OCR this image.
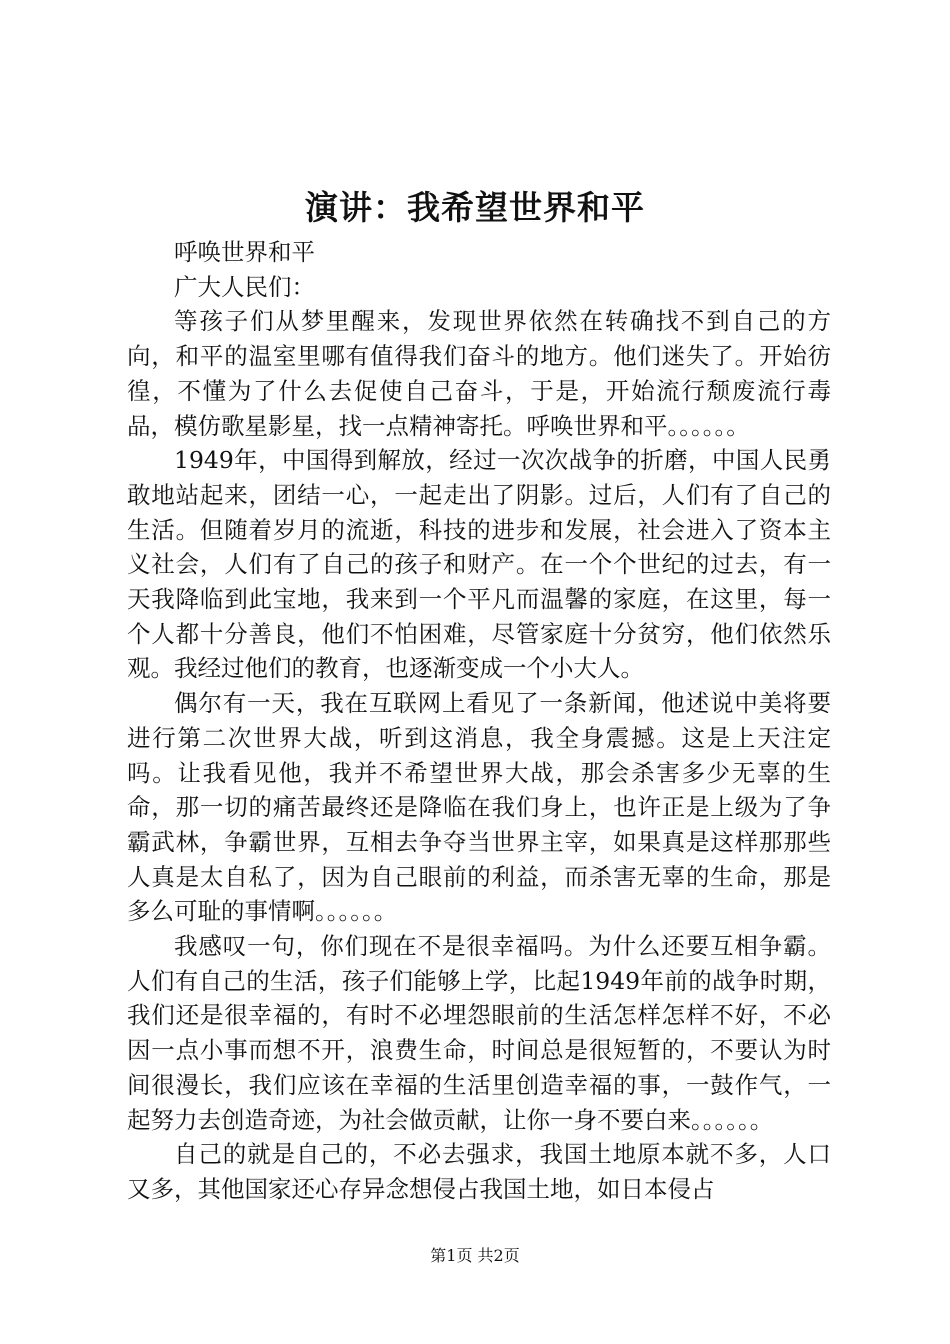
演讲：我希望世界和平

呼唤世界和平

广大人民们：

等孩子们从梦里醒来，发现世界依然在转确找不到自己的方向，和平的温室里哪有值得我们奋斗的地方。他们迷失了。开始彷徨，不懂为了什么去促使自己奋斗，于是，开始流行颓废流行毒品，模仿歌星影星，找一点精神寄托。呼唤世界和平。。。。。。

1949年，中国得到解放，经过一次次战争的折磨，中国人民勇敢地站起来，团结一心，一起走出了阴影。过后，人们有了自己的生活。但随着岁月的流逝，科技的进步和发展，社会进入了资本主义社会，人们有了自己的孩子和财产。在一个个世纪的过去，有一天我降临到此宝地，我来到一个平凡而温馨的家庭，在这里，每一个人都十分善良，他们不怕困难，尽管家庭十分贫穷，他们依然乐观。我经过他们的教育，也逐渐变成一个小大人。

偶尔有一天，我在互联网上看见了一条新闻，他述说中美将要进行第二次世界大战，听到这消息，我全身震撼。这是上天注定吗。让我看见他，我并不希望世界大战，那会杀害多少无辜的生命，那一切的痛苦最终还是降临在我们身上，也许正是上级为了争霸武林，争霸世界，互相去争夺当世界主宰，如果真是这样那那些人真是太自私了，因为自己眼前的利益，而杀害无辜的生命，那是多么可耻的事情啊。。。。。。

我感叹一句，你们现在不是很幸福吗。为什么还要互相争霸。人们有自己的生活，孩子们能够上学，比起1949年前的战争时期，我们还是很幸福的，有时不必埋怨眼前的生活怎样怎样不好，不必因一点小事而想不开，浪费生命，时间总是很短暂的，不要认为时间很漫长，我们应该在幸福的生活里创造幸福的事，一鼓作气，一起努力去创造奇迹，为社会做贡献，让你一身不要白来。。。。。。

自己的就是自己的，不必去强求，我国土地原本就不多，人口又多，其他国家还心存异念想侵占我国土地，如日本侵占

第1页 共2页
